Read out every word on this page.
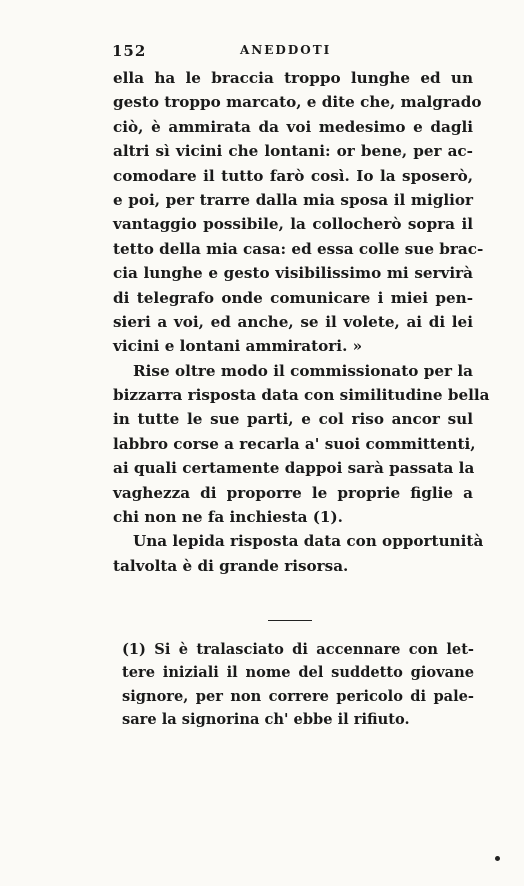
152	ANEDDOTI
ella ha le braccia troppo lunghe ed un
gesto troppo marcato, e dite che, malgrado
ciò, è ammirata da voi medesimo e dagli
altri sì vicini che lontani: or bene, per ac-
comodare il tutto farò così. Io la sposerò,
e poi, per trarre dalla mia sposa il miglior
vantaggio possibile, la collocherò sopra il
tetto della mia casa: ed essa colle sue brac-
cia lunghe e gesto visibilissimo mi servirà
di telegrafo onde comunicare i miei pen-
sieri a voi, ed anche, se il volete, ai di lei
vicini e lontani ammiratori. »
Rise oltre modo il commissionato per la
bizzarra risposta data con similitudine bella
in tutte le sue parti, e col riso ancor sul
labbro corse a recarla a' suoi committenti,
ai quali certamente dappoi sarà passata la
vaghezza di proporre le proprie figlie a
chi non ne fa inchiesta (1).
Una lepida risposta data con opportunità
talvolta è di grande risorsa.
(1) Si è tralasciato di accennare con let-
tere iniziali il nome del suddetto giovane
signore, per non correre pericolo di pale-
sare la signorina ch' ebbe il rifiuto.
